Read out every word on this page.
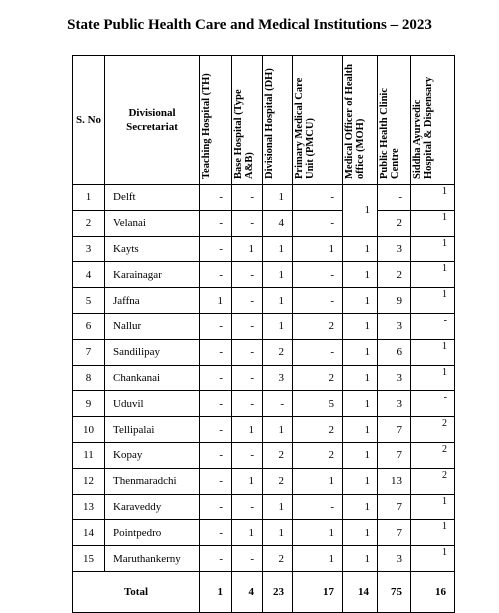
State Public Health Care and Medical Institutions – 2023
S. No	Divisional Secretariat	Teaching Hospital (TH)	Base Hospital (Type A&B)	Divisional Hospital (DH)	Primary Medical Care Unit (PMCU)	Medical Officer of Health office (MOH)	Public Health Clinic Centre	Siddha Ayurvedic Hospital & Dispensary
1	Delft	-	-	1	-	1	-	1
2	Velanai	-	-	4	-		2	1
3	Kayts	-	1	1	1	1	3	1
4	Karainagar	-	-	1	-	1	2	1
5	Jaffna	1	-	1	-	1	9	1
6	Nallur	-	-	1	2	1	3	-
7	Sandilipay	-	-	2	-	1	6	1
8	Chankanai	-	-	3	2	1	3	1
9	Uduvil	-	-	-	5	1	3	-
10	Tellipalai	-	1	1	2	1	7	2
11	Kopay	-	-	2	2	1	7	2
12	Thenmaradchi	-	1	2	1	1	13	2
13	Karaveddy	-	-	1	-	1	7	1
14	Pointpedro	-	1	1	1	1	7	1
15	Maruthankerny	-	-	2	1	1	3	1
Total		1	4	23	17	14	75	16
